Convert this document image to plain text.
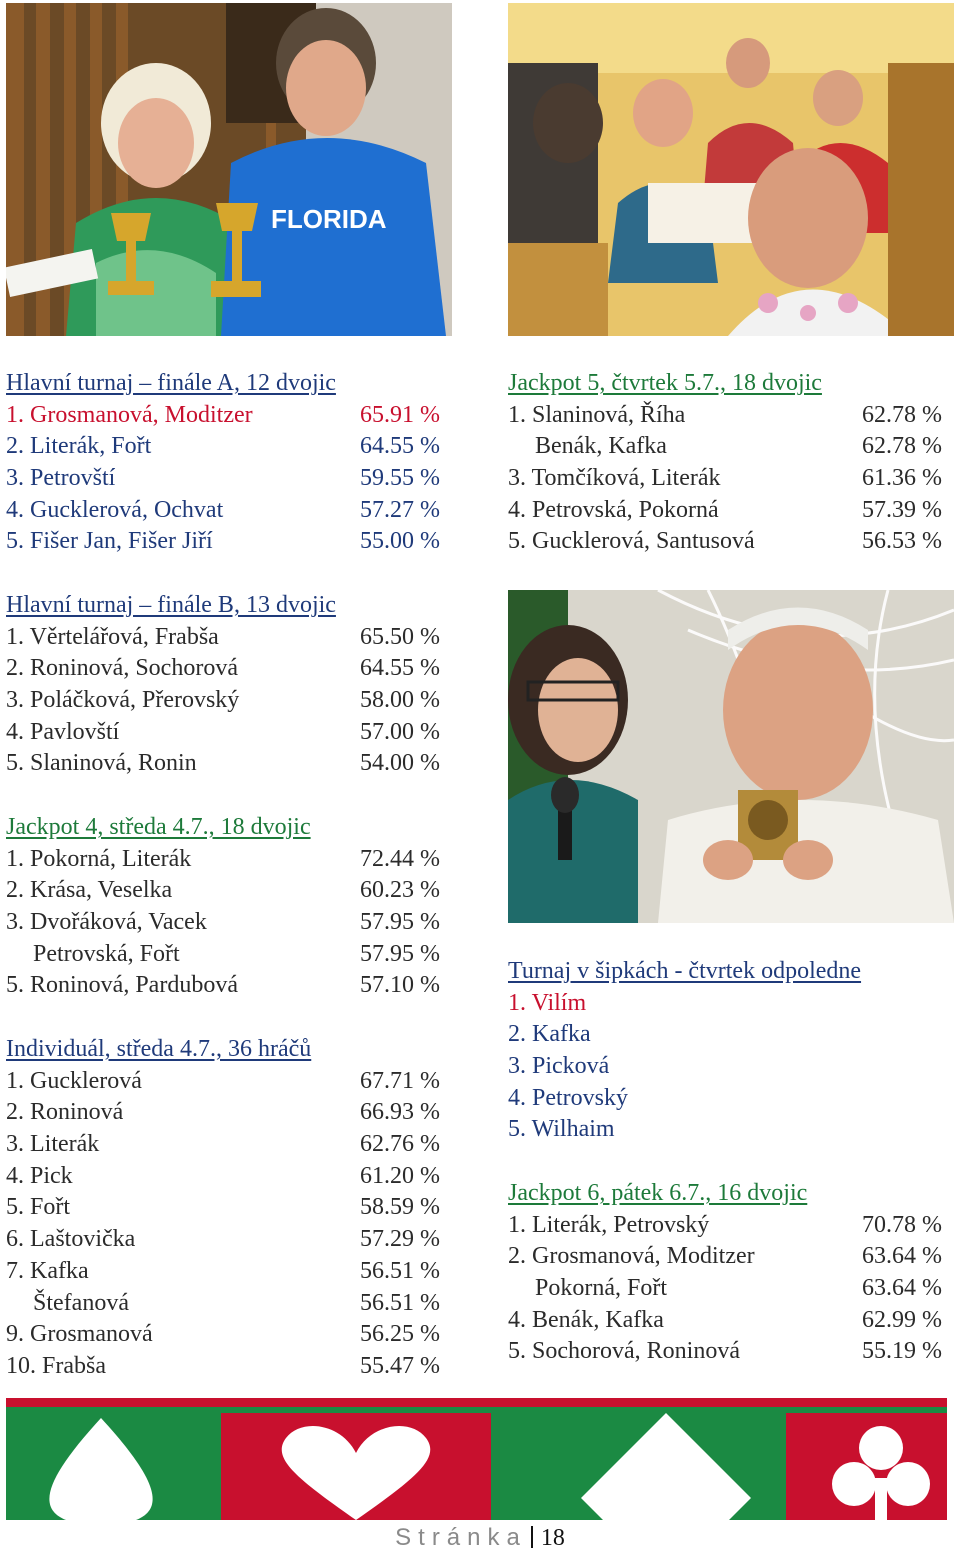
FLORIDA
Hlavní turnaj – finále A, 12 dvojic
1. Grosmanová, Moditzer	65.91 %
2. Literák, Fořt	64.55 %
3. Petrovští	59.55 %
4. Gucklerová, Ochvat	57.27 %
5. Fišer Jan, Fišer Jiří	55.00 %
Hlavní turnaj – finále B, 13 dvojic
1. Věrtelářová, Frabša	65.50 %
2. Roninová, Sochorová	64.55 %
3. Poláčková, Přerovský	58.00 %
4. Pavlovští	57.00 %
5. Slaninová, Ronin	54.00 %
Jackpot 4, středa 4.7., 18 dvojic
1. Pokorná, Literák	72.44 %
2. Krása, Veselka	60.23 %
3. Dvořáková, Vacek	57.95 %
Petrovská, Fořt	57.95 %
5. Roninová, Pardubová	57.10 %
Individuál, středa 4.7., 36 hráčů
1. Gucklerová	67.71 %
2. Roninová	66.93 %
3. Literák	62.76 %
4. Pick	61.20 %
5. Fořt	58.59 %
6. Laštovička	57.29 %
7. Kafka	56.51 %
Štefanová	56.51 %
9. Grosmanová	56.25 %
10. Frabša	55.47 %
Jackpot 5, čtvrtek 5.7., 18 dvojic
1. Slaninová, Říha	62.78 %
Benák, Kafka	62.78 %
3. Tomčíková, Literák	61.36 %
4. Petrovská, Pokorná	57.39 %
5. Gucklerová, Santusová	56.53 %
Turnaj v šipkách - čtvrtek odpoledne
1. Vilím
2. Kafka
3. Picková
4. Petrovský
5. Wilhaim
Jackpot 6, pátek 6.7., 16 dvojic
1. Literák, Petrovský	70.78 %
2. Grosmanová, Moditzer	63.64 %
Pokorná, Fořt	63.64 %
4. Benák, Kafka	62.99 %
5. Sochorová, Roninová	55.19 %
Stránka 18
